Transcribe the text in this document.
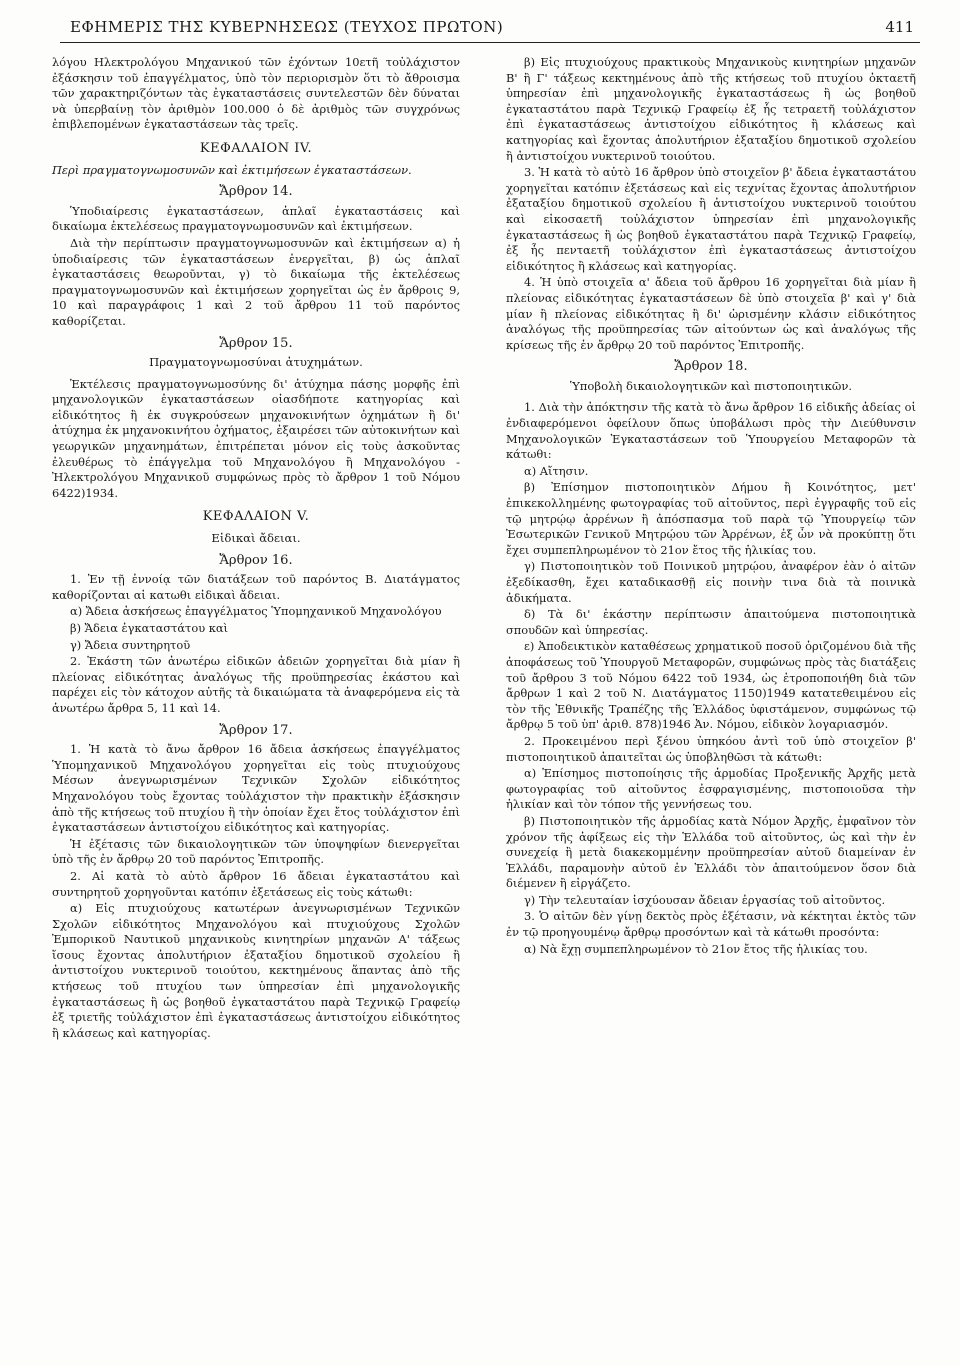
ΕΦΗΜΕΡΙΣ ΤΗΣ ΚΥΒΕΡΝΗΣΕΩΣ (ΤΕΥΧΟΣ ΠΡΩΤΟΝ)	411

λόγου Ηλεκτρολόγου Μηχανικού τῶν ἐχόντων 10ετῆ τοὐλάχιστον ἐξάσκησιν τοῦ ἐπαγγέλματος, ὑπὸ τὸν περιορισμὸν ὅτι τὸ ἄθροισμα τῶν χαρακτηριζόντων τὰς ἐγκαταστάσεις συντελεστῶν δὲν δύναται νὰ ὑπερβαίνῃ τὸν ἀριθμὸν 100.000 ὁ δὲ ἀριθμὸς τῶν συγχρόνως ἐπιβλεπομένων ἐγκαταστάσεων τὰς τρεῖς.

ΚΕΦΑΛΑΙΟΝ IV.

Περὶ πραγματογνωμοσυνῶν καὶ ἐκτιμήσεων ἐγκαταστάσεων.

Ἄρθρον 14.

Ὑποδιαίρεσις ἐγκαταστάσεων, ἁπλαῖ ἐγκαταστάσεις καὶ δικαίωμα ἐκτελέσεως πραγματογνωμοσυνῶν καὶ ἐκτιμήσεων.

Διὰ τὴν περίπτωσιν πραγματογνωμοσυνῶν καὶ ἐκτιμήσεων α) ἡ ὑποδιαίρεσις τῶν ἐγκαταστάσεων ἐνεργεῖται, β) ὡς ἁπλαῖ ἐγκαταστάσεις θεωροῦνται, γ) τὸ δικαίωμα τῆς ἐκτελέσεως πραγματογνωμοσυνῶν καὶ ἐκτιμήσεων χορηγεῖται ὡς ἐν ἄρθροις 9, 10 καὶ παραγράφοις 1 καὶ 2 τοῦ ἄρθρου 11 τοῦ παρόντος καθορίζεται.

Ἄρθρον 15.

Πραγματογνωμοσύναι ἀτυχημάτων.

Ἐκτέλεσις πραγματογνωμοσύνης δι' ἀτύχημα πάσης μορφῆς ἐπὶ μηχανολογικῶν ἐγκαταστάσεων οἱασδήποτε κατηγορίας καὶ εἰδικότητος ἢ ἐκ συγκρούσεων μηχανοκινήτων ὀχημάτων ἢ δι' ἀτύχημα ἐκ μηχανοκινήτου ὀχήματος, ἐξαιρέσει τῶν αὐτοκινήτων καὶ γεωργικῶν μηχανημάτων, ἐπιτρέπεται μόνον εἰς τοὺς ἀσκοῦντας ἐλευθέρως τὸ ἐπάγγελμα τοῦ Μηχανολόγου ἢ Μηχανολόγου - Ἠλεκτρολόγου Μηχανικοῦ συμφώνως πρὸς τὸ ἄρθρον 1 τοῦ Νόμου 6422)1934.

ΚΕΦΑΛΑΙΟΝ V.

Εἰδικαὶ ἄδειαι.

Ἄρθρον 16.

1. Ἐν τῇ ἐννοίᾳ τῶν διατάξεων τοῦ παρόντος Β. Διατάγματος καθορίζονται αἱ κατωθι εἰδικαὶ ἄδειαι.

α) Ἄδεια ἀσκήσεως ἐπαγγέλματος Ὑπομηχανικοῦ Μηχανολόγου

β) Ἄδεια ἐγκαταστάτου καὶ

γ) Ἄδεια συντηρητοῦ

2. Ἑκάστη τῶν ἀνωτέρω εἰδικῶν ἀδειῶν χορηγεῖται διὰ μίαν ἢ πλείονας εἰδικότητας ἀναλόγως τῆς προϋπηρεσίας ἑκάστου καὶ παρέχει εἰς τὸν κάτοχον αὐτῆς τὰ δικαιώματα τὰ ἀναφερόμενα εἰς τὰ ἀνωτέρω ἄρθρα 5, 11 καὶ 14.

Ἄρθρον 17.

1. Ἡ κατὰ τὸ ἄνω ἄρθρον 16 ἄδεια ἀσκήσεως ἐπαγγέλματος Ὑπομηχανικοῦ Μηχανολόγου χορηγεῖται εἰς τοὺς πτυχιούχους Μέσων ἀνεγνωρισμένων Τεχνικῶν Σχολῶν εἰδικότητος Μηχανολόγου τοὺς ἔχοντας τοὐλάχιστον τὴν πρακτικὴν ἐξάσκησιν ἀπὸ τῆς κτήσεως τοῦ πτυχίου ἢ τὴν ὁποίαν ἔχει ἔτος τοὐλάχιστον ἐπὶ ἐγκαταστάσεων ἀντιστοίχου εἰδικότητος καὶ κατηγορίας.

Ἡ ἐξέτασις τῶν δικαιολογητικῶν τῶν ὑποψηφίων διενεργεῖται ὑπὸ τῆς ἐν ἄρθρῳ 20 τοῦ παρόντος Ἐπιτροπῆς.

2. Αἱ κατὰ τὸ αὐτὸ ἄρθρον 16 ἄδειαι ἐγκαταστάτου καὶ συντηρητοῦ χορηγοῦνται κατόπιν ἐξετάσεως εἰς τοὺς κάτωθι:

α) Εἰς πτυχιούχους κατωτέρων ἀνεγνωρισμένων Τεχνικῶν Σχολῶν εἰδικότητος Μηχανολόγου καὶ πτυχιούχους Σχολῶν Ἐμπορικοῦ Ναυτικοῦ μηχανικοὺς κινητηρίων μηχανῶν Α' τάξεως ἴσους ἔχοντας ἀπολυτήριον ἐξαταξίου δημοτικοῦ σχολείου ἢ ἀντιστοίχου νυκτερινοῦ τοιούτου, κεκτημένους ἅπαντας ἀπὸ τῆς κτήσεως τοῦ πτυχίου των ὑπηρεσίαν ἐπὶ μηχανολογικῆς ἐγκαταστάσεως ἢ ὡς βοηθοῦ ἐγκαταστάτου παρὰ Τεχνικῷ Γραφείῳ ἐξ τριετῆς τοὐλάχιστον ἐπὶ ἐγκαταστάσεως ἀντιστοίχου εἰδικότητος ἢ κλάσεως καὶ κατηγορίας.

β) Εἰς πτυχιούχους πρακτικοὺς Μηχανικοὺς κινητηρίων μηχανῶν Β' ἢ Γ' τάξεως κεκτημένους ἀπὸ τῆς κτήσεως τοῦ πτυχίου ὀκταετῆ ὑπηρεσίαν ἐπὶ μηχανολογικῆς ἐγκαταστάσεως ἢ ὡς βοηθοῦ ἐγκαταστάτου παρὰ Τεχνικῷ Γραφείῳ ἐξ ἧς τετραετῆ τοὐλάχιστον ἐπὶ ἐγκαταστάσεως ἀντιστοίχου εἰδικότητος ἢ κλάσεως καὶ κατηγορίας καὶ ἔχοντας ἀπολυτήριον ἐξαταξίου δημοτικοῦ σχολείου ἢ ἀντιστοίχου νυκτερινοῦ τοιούτου.

3. Ἡ κατὰ τὸ αὐτὸ 16 ἄρθρον ὑπὸ στοιχεῖον β' ἄδεια ἐγκαταστάτου χορηγεῖται κατόπιν ἐξετάσεως καὶ εἰς τεχνίτας ἔχοντας ἀπολυτήριον ἐξαταξίου δημοτικοῦ σχολείου ἢ ἀντιστοίχου νυκτερινοῦ τοιούτου καὶ εἰκοσαετῆ τοὐλάχιστον ὑπηρεσίαν ἐπὶ μηχανολογικῆς ἐγκαταστάσεως ἢ ὡς βοηθοῦ ἐγκαταστάτου παρὰ Τεχνικῷ Γραφείῳ, ἐξ ἧς πενταετῆ τοὐλάχιστον ἐπὶ ἐγκαταστάσεως ἀντιστοίχου εἰδικότητος ἢ κλάσεως καὶ κατηγορίας.

4. Ἡ ὑπὸ στοιχεῖα α' ἄδεια τοῦ ἄρθρου 16 χορηγεῖται διὰ μίαν ἢ πλείονας εἰδικότητας ἐγκαταστάσεων δὲ ὑπὸ στοιχεῖα β' καὶ γ' διὰ μίαν ἢ πλείονας εἰδικότητας ἢ δι' ὡρισμένην κλάσιν εἰδικότητος ἀναλόγως τῆς προϋπηρεσίας τῶν αἰτούντων ὡς καὶ ἀναλόγως τῆς κρίσεως τῆς ἐν ἄρθρῳ 20 τοῦ παρόντος Ἐπιτροπῆς.

Ἄρθρον 18.

Ὑποβολὴ δικαιολογητικῶν καὶ πιστοποιητικῶν.

1. Διὰ τὴν ἀπόκτησιν τῆς κατὰ τὸ ἄνω ἄρθρον 16 εἰδικῆς ἀδείας οἱ ἐνδιαφερόμενοι ὀφείλουν ὅπως ὑποβάλωσι πρὸς τὴν Διεύθυνσιν Μηχανολογικῶν Ἐγκαταστάσεων τοῦ Ὑπουργείου Μεταφορῶν τὰ κάτωθι:

α) Αἴτησιν.

β) Ἐπίσημον πιστοποιητικὸν Δήμου ἢ Κοινότητος, μετ' ἐπικεκολλημένης φωτογραφίας τοῦ αἰτοῦντος, περὶ ἐγγραφῆς τοῦ εἰς τῷ μητρῴῳ ἀρρένων ἢ ἀπόσπασμα τοῦ παρὰ τῷ Ὑπουργείῳ τῶν Ἐσωτερικῶν Γενικοῦ Μητρῴου τῶν Ἀρρένων, ἐξ ὧν νὰ προκύπτῃ ὅτι ἔχει συμπεπληρωμένον τὸ 21ον ἔτος τῆς ἡλικίας του.

γ) Πιστοποιητικὸν τοῦ Ποινικοῦ μητρῴου, ἀναφέρον ἐὰν ὁ αἰτῶν ἐξεδίκασθη, ἔχει καταδικασθῇ εἰς ποινὴν τινα διὰ τὰ ποινικὰ ἀδικήματα.

δ) Τὰ δι' ἑκάστην περίπτωσιν ἀπαιτούμενα πιστοποιητικὰ σπουδῶν καὶ ὑπηρεσίας.

ε) Ἀποδεικτικὸν καταθέσεως χρηματικοῦ ποσοῦ ὁριζομένου διὰ τῆς ἀποφάσεως τοῦ Ὑπουργοῦ Μεταφορῶν, συμφώνως πρὸς τὰς διατάξεις τοῦ ἄρθρου 3 τοῦ Νόμου 6422 τοῦ 1934, ὡς ἐτροποποιήθη διὰ τῶν ἄρθρων 1 καὶ 2 τοῦ Ν. Διατάγματος 1150)1949 κατατεθειμένου εἰς τὸν τῆς Ἐθνικῆς Τραπέζης τῆς Ἑλλάδος ὑφιστάμενον, συμφώνως τῷ ἄρθρῳ 5 τοῦ ὑπ' ἀριθ. 878)1946 Ἀν. Νόμου, εἰδικὸν λογαριασμόν.

2. Προκειμένου περὶ ξένου ὑπηκόου ἀντὶ τοῦ ὑπὸ στοιχεῖον β' πιστοποιητικοῦ ἀπαιτεῖται ὡς ὑποβληθῶσι τὰ κάτωθι:

α) Ἐπίσημος πιστοποίησις τῆς ἁρμοδίας Προξενικῆς Ἀρχῆς μετὰ φωτογραφίας τοῦ αἰτοῦντος ἐσφραγισμένης, πιστοποιοῦσα τὴν ἡλικίαν καὶ τὸν τόπον τῆς γεννήσεως του.

β) Πιστοποιητικὸν τῆς ἁρμοδίας κατὰ Νόμον Ἀρχῆς, ἐμφαῖνον τὸν χρόνον τῆς ἀφίξεως εἰς τὴν Ἑλλάδα τοῦ αἰτοῦντος, ὡς καὶ τὴν ἐν συνεχείᾳ ἢ μετὰ διακεκομμένην προϋπηρεσίαν αὐτοῦ διαμείναν ἐν Ἑλλάδι, παραμονὴν αὐτοῦ ἐν Ἑλλάδι τὸν ἀπαιτούμενον ὅσον διὰ διέμενεν ἢ εἰργάζετο.

γ) Τὴν τελευταίαν ἰσχύουσαν ἄδειαν ἐργασίας τοῦ αἰτοῦντος.

3. Ὁ αἰτῶν δὲν γίνῃ δεκτὸς πρὸς ἐξέτασιν, νὰ κέκτηται ἐκτὸς τῶν ἐν τῷ προηγουμένῳ ἄρθρῳ προσόντων καὶ τὰ κάτωθι προσόντα:

α) Νὰ ἔχῃ συμπεπληρωμένον τὸ 21ον ἔτος τῆς ἡλικίας του.
